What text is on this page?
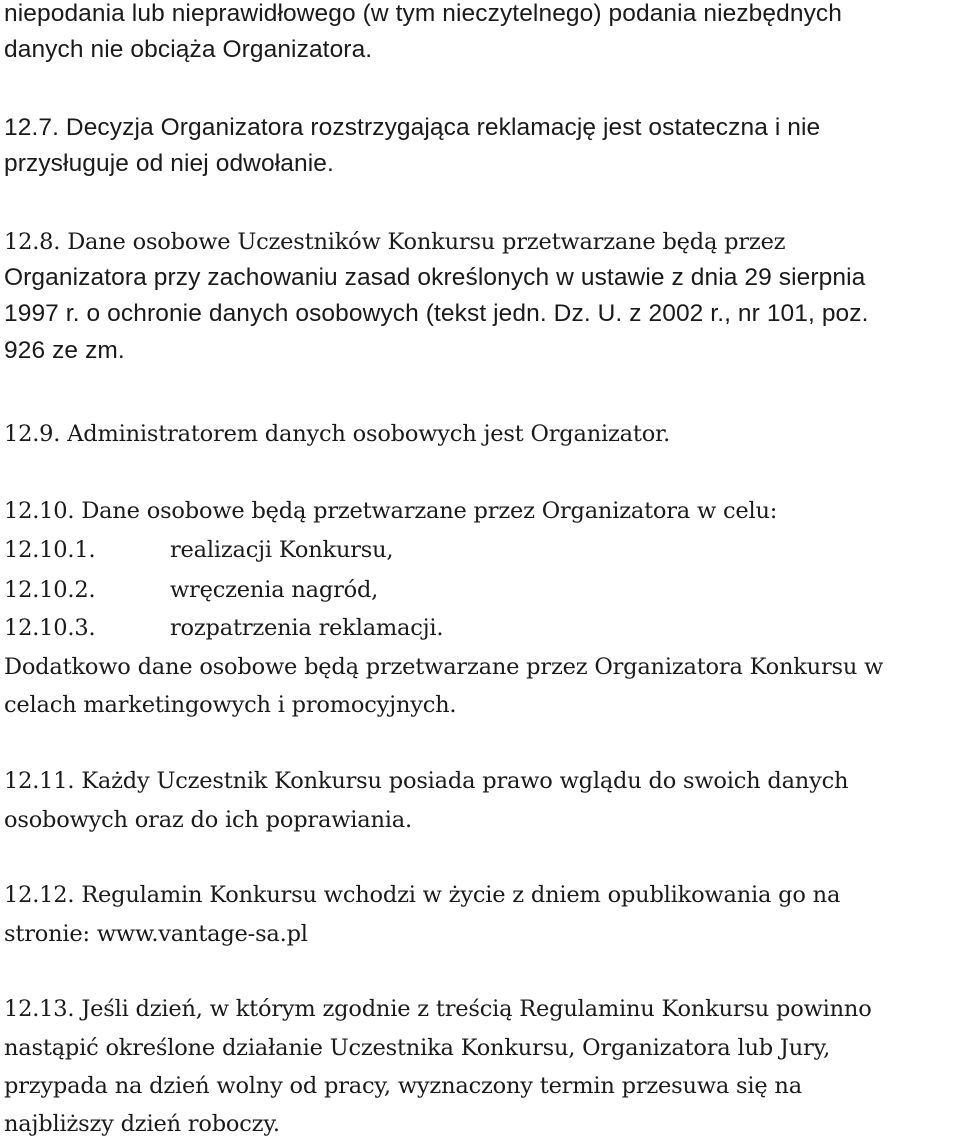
niepodania lub nieprawidłowego (w tym nieczytelnego) podania niezbędnych
danych nie obciąża Organizatora.
12.7. Decyzja Organizatora rozstrzygająca reklamację jest ostateczna i nie
przysługuje od niej odwołanie.
12.8. Dane osobowe Uczestników Konkursu przetwarzane będą przez
Organizatora przy zachowaniu zasad określonych w ustawie z dnia 29 sierpnia
1997 r. o ochronie danych osobowych (tekst jedn. Dz. U. z 2002 r., nr 101, poz.
926 ze zm.
12.9. Administratorem danych osobowych jest Organizator.
12.10. Dane osobowe będą przetwarzane przez Organizatora w celu:
12.10.1.	realizacji Konkursu,
12.10.2.	wręczenia nagród,
12.10.3.	rozpatrzenia reklamacji.
Dodatkowo dane osobowe będą przetwarzane przez Organizatora Konkursu w
celach marketingowych i promocyjnych.
12.11. Każdy Uczestnik Konkursu posiada prawo wglądu do swoich danych
osobowych oraz do ich poprawiania.
12.12. Regulamin Konkursu wchodzi w życie z dniem opublikowania go na
stronie: www.vantage-sa.pl
12.13. Jeśli dzień, w którym zgodnie z treścią Regulaminu Konkursu powinno
nastąpić określone działanie Uczestnika Konkursu, Organizatora lub Jury,
przypada na dzień wolny od pracy, wyznaczony termin przesuwa się na
najbliższy dzień roboczy.
